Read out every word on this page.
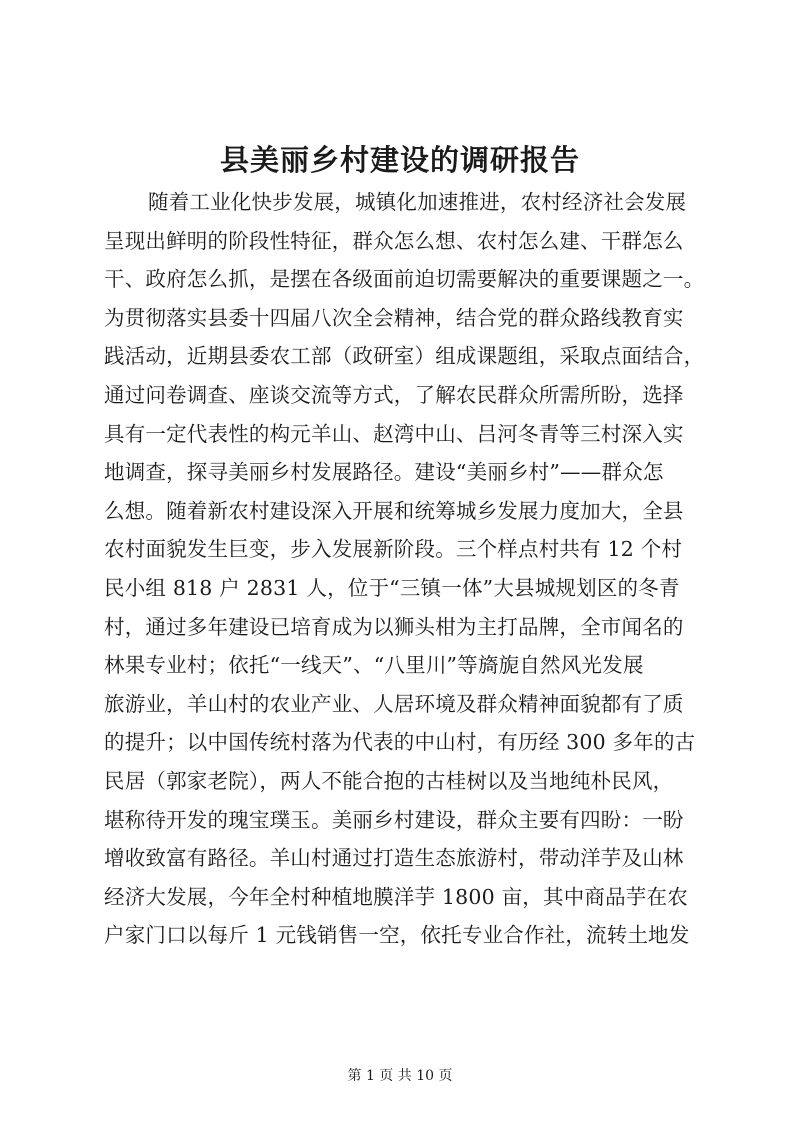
县美丽乡村建设的调研报告
随着工业化快步发展，城镇化加速推进，农村经济社会发展
呈现出鲜明的阶段性特征，群众怎么想、农村怎么建、干群怎么
干、政府怎么抓，是摆在各级面前迫切需要解决的重要课题之一。
为贯彻落实县委十四届八次全会精神，结合党的群众路线教育实
践活动，近期县委农工部（政研室）组成课题组，采取点面结合，
通过问卷调查、座谈交流等方式，了解农民群众所需所盼，选择
具有一定代表性的构元羊山、赵湾中山、吕河冬青等三村深入实
地调查，探寻美丽乡村发展路径。建设“美丽乡村”——群众怎
么想。随着新农村建设深入开展和统筹城乡发展力度加大，全县
农村面貌发生巨变，步入发展新阶段。三个样点村共有 12 个村
民小组 818 户 2831 人，位于“三镇一体”大县城规划区的冬青
村，通过多年建设已培育成为以狮头柑为主打品牌，全市闻名的
林果专业村；依托“一线天”、“八里川”等旖旎自然风光发展
旅游业，羊山村的农业产业、人居环境及群众精神面貌都有了质
的提升；以中国传统村落为代表的中山村，有历经 300 多年的古
民居（郭家老院），两人不能合抱的古桂树以及当地纯朴民风，
堪称待开发的瑰宝璞玉。美丽乡村建设，群众主要有四盼：一盼
增收致富有路径。羊山村通过打造生态旅游村，带动洋芋及山林
经济大发展，今年全村种植地膜洋芋 1800 亩，其中商品芋在农
户家门口以每斤 1 元钱销售一空，依托专业合作社，流转土地发
第 1 页 共 10 页
